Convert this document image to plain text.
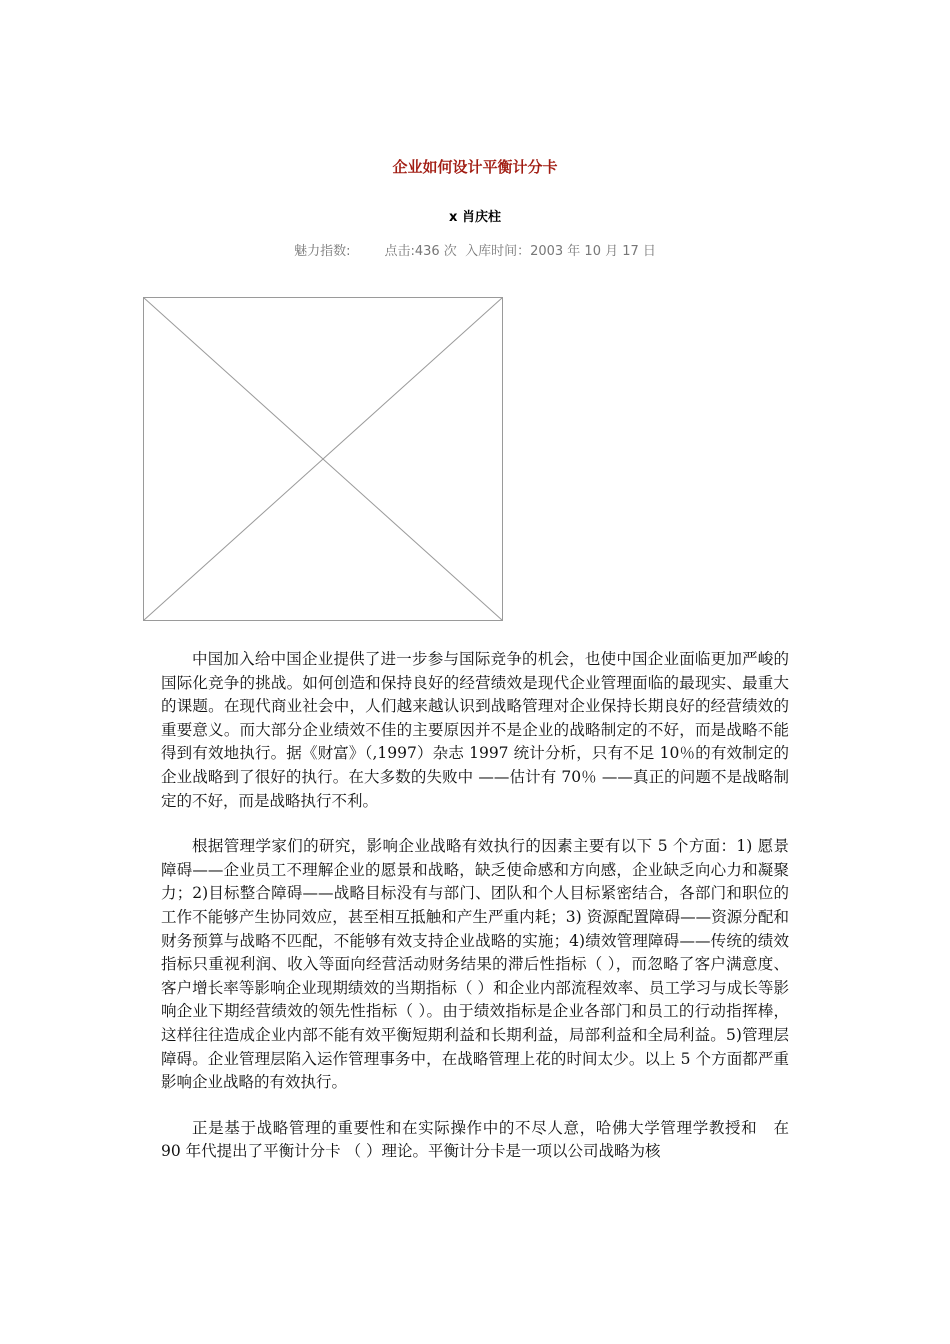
企业如何设计平衡计分卡
x 肖庆柱
魅力指数:	点击:436 次  入库时间：2003 年 10 月 17 日

中国加入给中国企业提供了进一步参与国际竞争的机会，也使中国企业面临更加严峻的国际化竞争的挑战。如何创造和保持良好的经营绩效是现代企业管理面临的最现实、最重大的课题。在现代商业社会中，人们越来越认识到战略管理对企业保持长期良好的经营绩效的重要意义。而大部分企业绩效不佳的主要原因并不是企业的战略制定的不好，而是战略不能得到有效地执行。据《财富》（,1997）杂志 1997 统计分析，只有不足 10％的有效制定的企业战略到了很好的执行。在大多数的失败中 ——估计有 70％ ——真正的问题不是战略制定的不好，而是战略执行不利。

根据管理学家们的研究，影响企业战略有效执行的因素主要有以下 5 个方面：1) 愿景障碍——企业员工不理解企业的愿景和战略，缺乏使命感和方向感，企业缺乏向心力和凝聚力；2)目标整合障碍——战略目标没有与部门、团队和个人目标紧密结合，各部门和职位的工作不能够产生协同效应，甚至相互抵触和产生严重内耗；3) 资源配置障碍——资源分配和财务预算与战略不匹配，不能够有效支持企业战略的实施；4)绩效管理障碍——传统的绩效指标只重视利润、收入等面向经营活动财务结果的滞后性指标（ ），而忽略了客户满意度、客户增长率等影响企业现期绩效的当期指标（ ）和企业内部流程效率、员工学习与成长等影响企业下期经营绩效的领先性指标（ ）。由于绩效指标是企业各部门和员工的行动指挥棒，这样往往造成企业内部不能有效平衡短期利益和长期利益，局部利益和全局利益。5)管理层障碍。企业管理层陷入运作管理事务中，在战略管理上花的时间太少。以上 5 个方面都严重影响企业战略的有效执行。

正是基于战略管理的重要性和在实际操作中的不尽人意，哈佛大学管理学教授和　在 90 年代提出了平衡计分卡 （ ）理论。平衡计分卡是一项以公司战略为核
